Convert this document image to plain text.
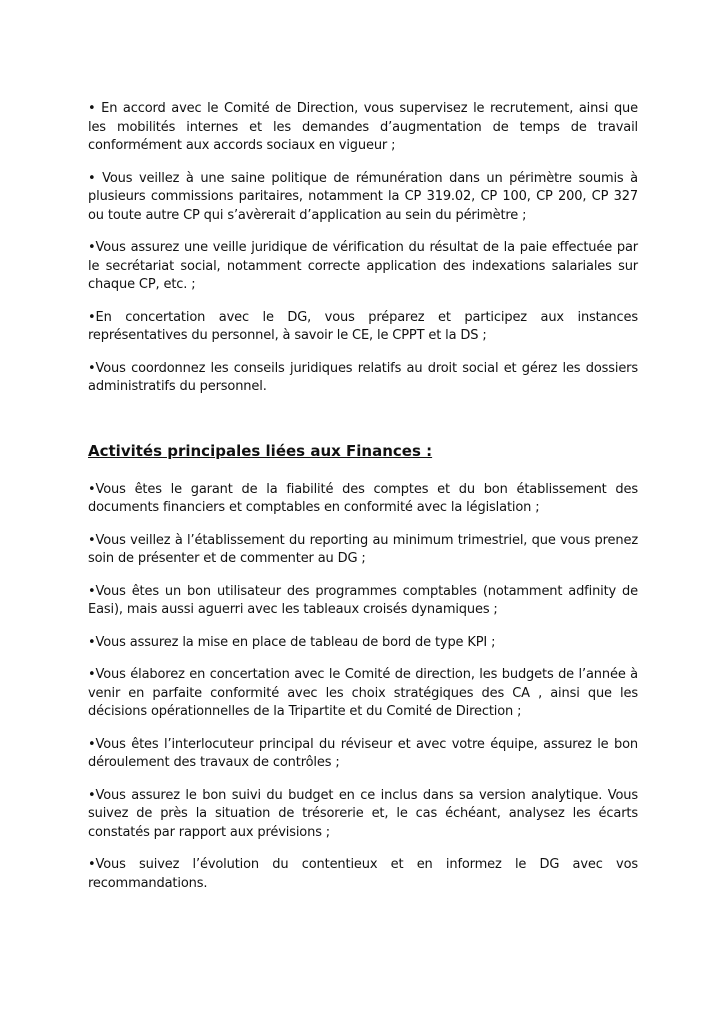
• En accord avec le Comité de Direction, vous supervisez le recrutement, ainsi que les mobilités internes et les demandes d’augmentation de temps de travail conformément aux accords sociaux en vigueur ;

• Vous veillez à une saine politique de rémunération dans un périmètre soumis à plusieurs commissions paritaires, notamment la CP 319.02, CP 100, CP 200, CP 327 ou toute autre CP qui s’avèrerait d’application au sein du périmètre ;

•Vous assurez une veille juridique de vérification du résultat de la paie effectuée par le secrétariat social, notamment correcte application des indexations salariales sur chaque CP, etc. ;

•En concertation avec le DG, vous préparez et participez aux instances représentatives du personnel, à savoir le CE, le CPPT et la DS ;

•Vous coordonnez les conseils juridiques relatifs au droit social et gérez les dossiers administratifs du personnel.

Activités principales liées aux Finances :

•Vous êtes le garant de la fiabilité des comptes et du bon établissement des documents financiers et comptables en conformité avec la législation ;

•Vous veillez à l’établissement du reporting au minimum trimestriel, que vous prenez soin de présenter et de commenter au DG ;

•Vous êtes un bon utilisateur des programmes comptables (notamment adfinity de Easi), mais aussi aguerri avec les tableaux croisés dynamiques ;

•Vous assurez la mise en place de tableau de bord de type KPI ;

•Vous élaborez en concertation avec le Comité de direction, les budgets de l’année à venir en parfaite conformité avec les choix stratégiques des CA , ainsi que les décisions opérationnelles de la Tripartite et du Comité de Direction ;

•Vous êtes l’interlocuteur principal du réviseur et avec votre équipe, assurez le bon déroulement des travaux de contrôles ;

•Vous assurez le bon suivi du budget en ce inclus dans sa version analytique. Vous suivez de près la situation de trésorerie et, le cas échéant, analysez les écarts constatés par rapport aux prévisions ;

•Vous suivez l’évolution du contentieux et en informez le DG avec vos recommandations.
